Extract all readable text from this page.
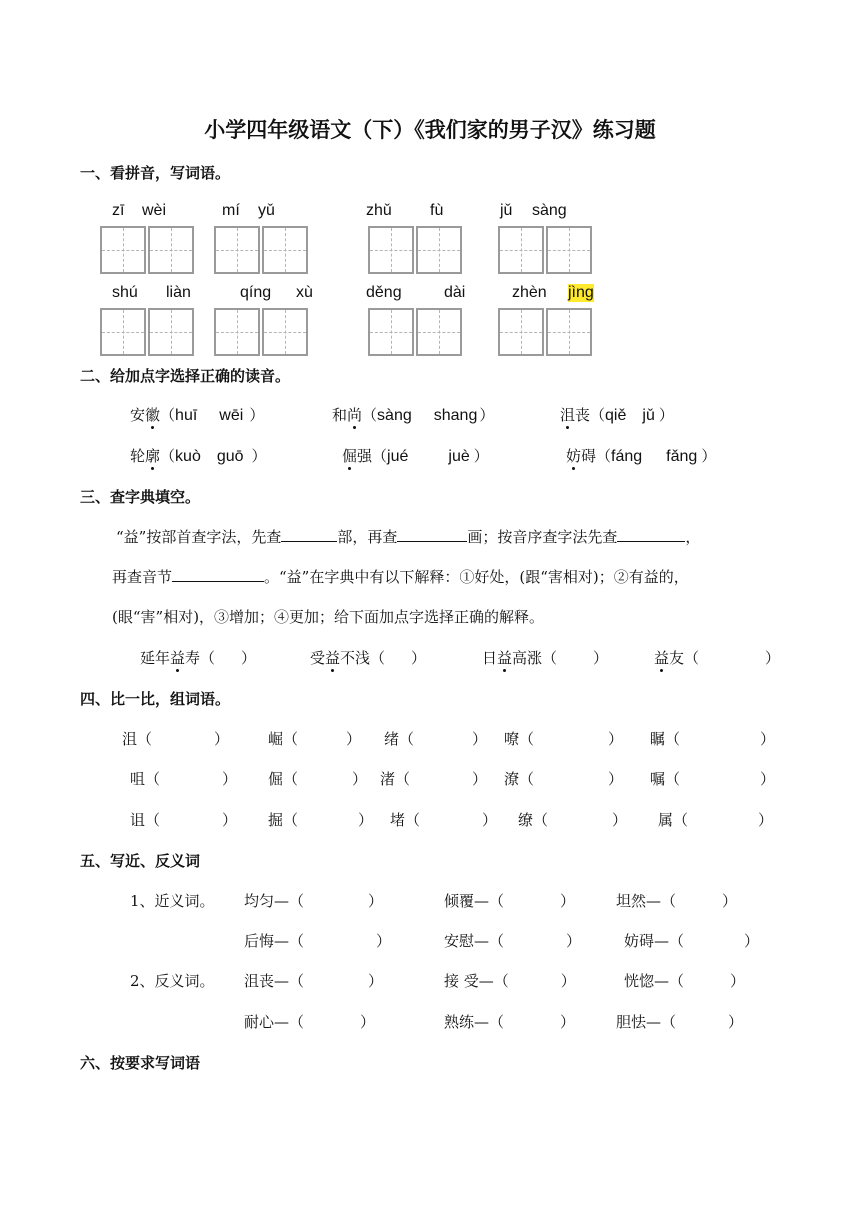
小学四年级语文（下）《我们家的男子汉》练习题
一、看拼音，写词语。
zī wèi	mí yǔ	zhǔ fù	jǔ sàng
shú liàn	qíng xù	děng	dài	zhèn jìng
二、给加点字选择正确的读音。
安徽（huī wēi ）	和尚（sàng shang ）	沮丧（qiě jǔ ）
轮廓（kuò guō ）	倔强（jué	juè ）	妨碍（fáng fǎng ）
三、查字典填空。
“益”按部首查字法，先查	部，再查	画；按音序查字法先查	，
再查音节	。“益”在字典中有以下解释：①好处，(跟“害相对)；②有益的，
(眼“害”相对)，③增加；④更加；给下面加点字选择正确的解释。
延年益寿（ ）	受益不浅（ ）	日益高涨（ ）	益友（	）
四、比一比，组词语。
沮（	）	崛（	） 绪（	） 嘹（	） 瞩（	）
咀（	） 倔（	） 渚（	） 潦（	） 嘱（	）
诅（	） 掘（	） 堵（	） 缭（	） 属（	）
五、写近、反义词
1、近义词。 均匀—（	）	倾覆—（	）	坦然—（	）
后悔—（	）	安慰—（	）	妨碍—（	）
2、反义词。 沮丧—（	）	接 受—（	）	恍惚—（	）
耐心—（	）	熟练—（	）	胆怯—（	）
六、按要求写词语
